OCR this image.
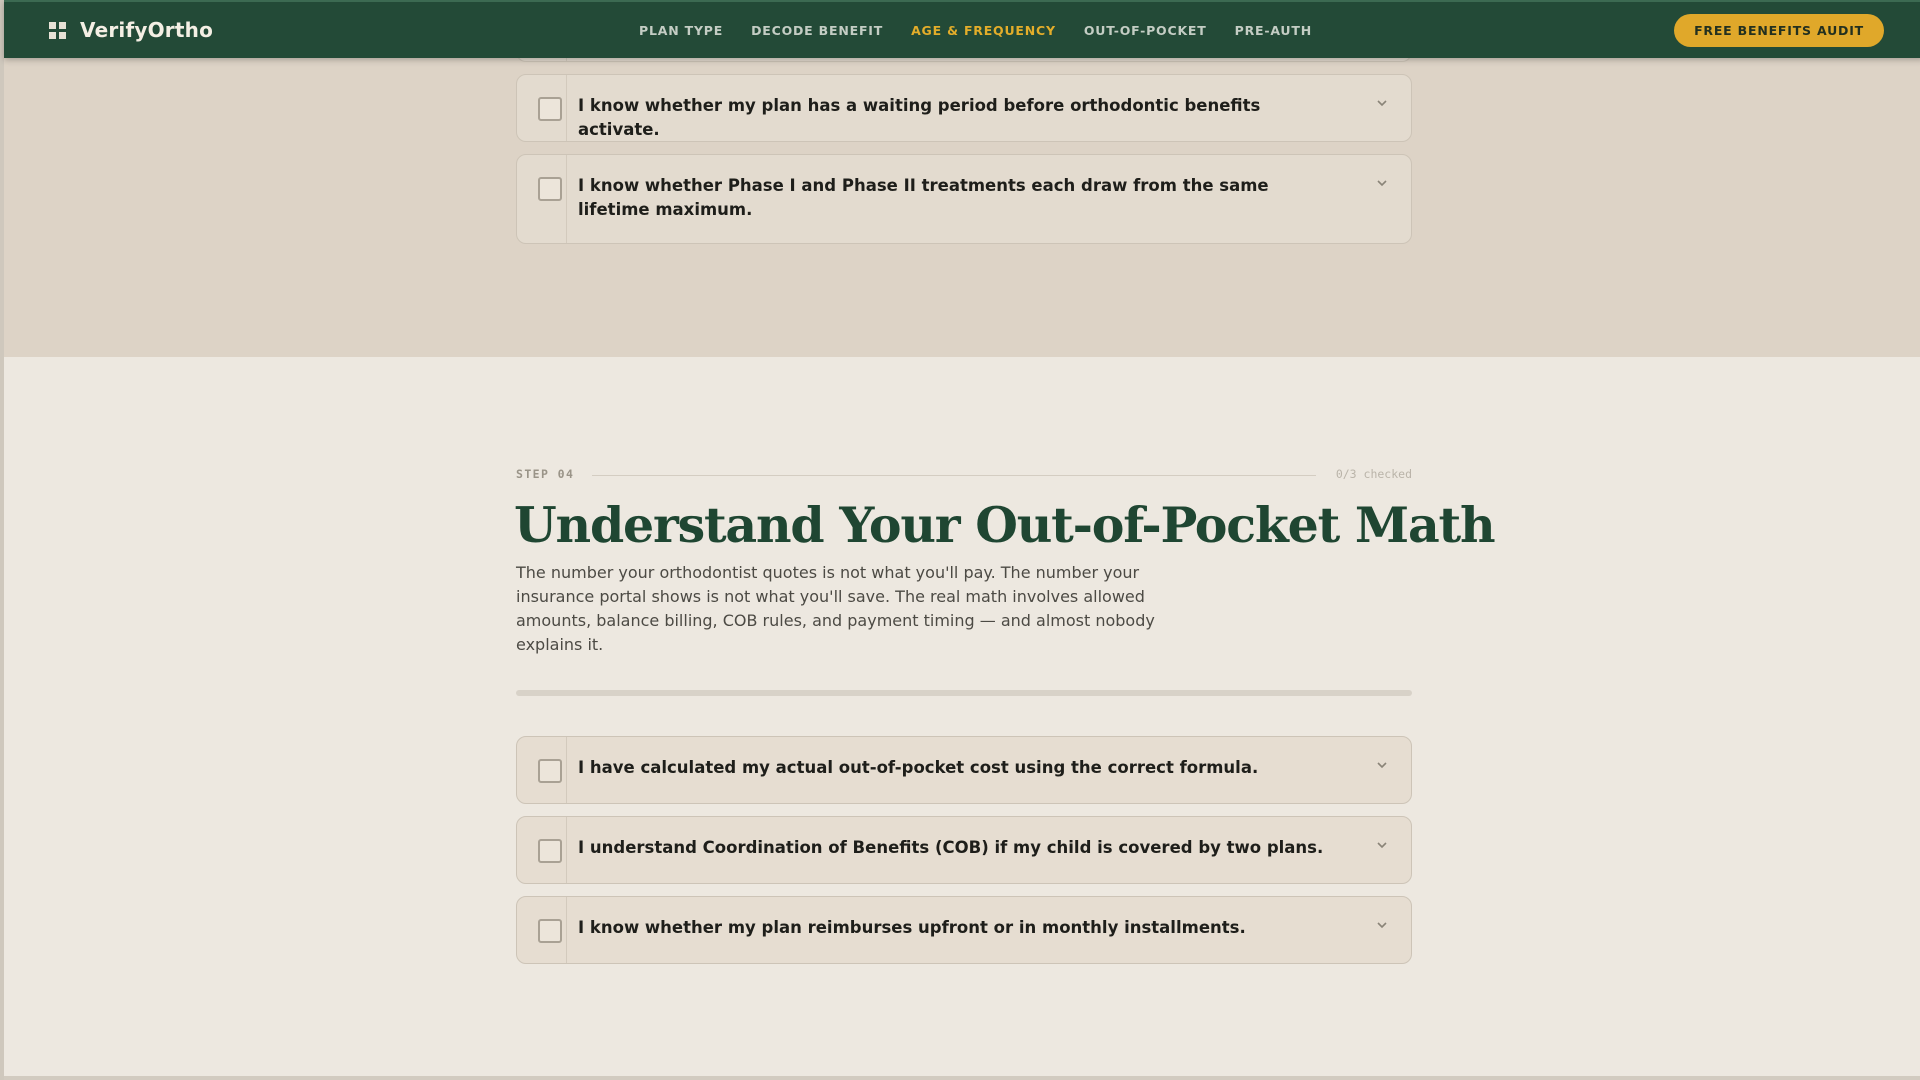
VerifyOrtho	PLAN TYPE DECODE BENEFIT AGE & FREQUENCY OUT-OF-POCKET PRE-AUTH	FREE BENEFITS AUDIT
I know whether my plan has a waiting period before orthodontic benefits activate.
I know whether Phase I and Phase II treatments each draw from the same lifetime maximum.
STEP 04	0/3 checked
Understand Your Out-of-Pocket Math

The number your orthodontist quotes is not what you'll pay. The number your insurance portal shows is not what you'll save. The real math involves allowed amounts, balance billing, COB rules, and payment timing — and almost nobody explains it.

I have calculated my actual out-of-pocket cost using the correct formula.
I understand Coordination of Benefits (COB) if my child is covered by two plans.
I know whether my plan reimburses upfront or in monthly installments.
